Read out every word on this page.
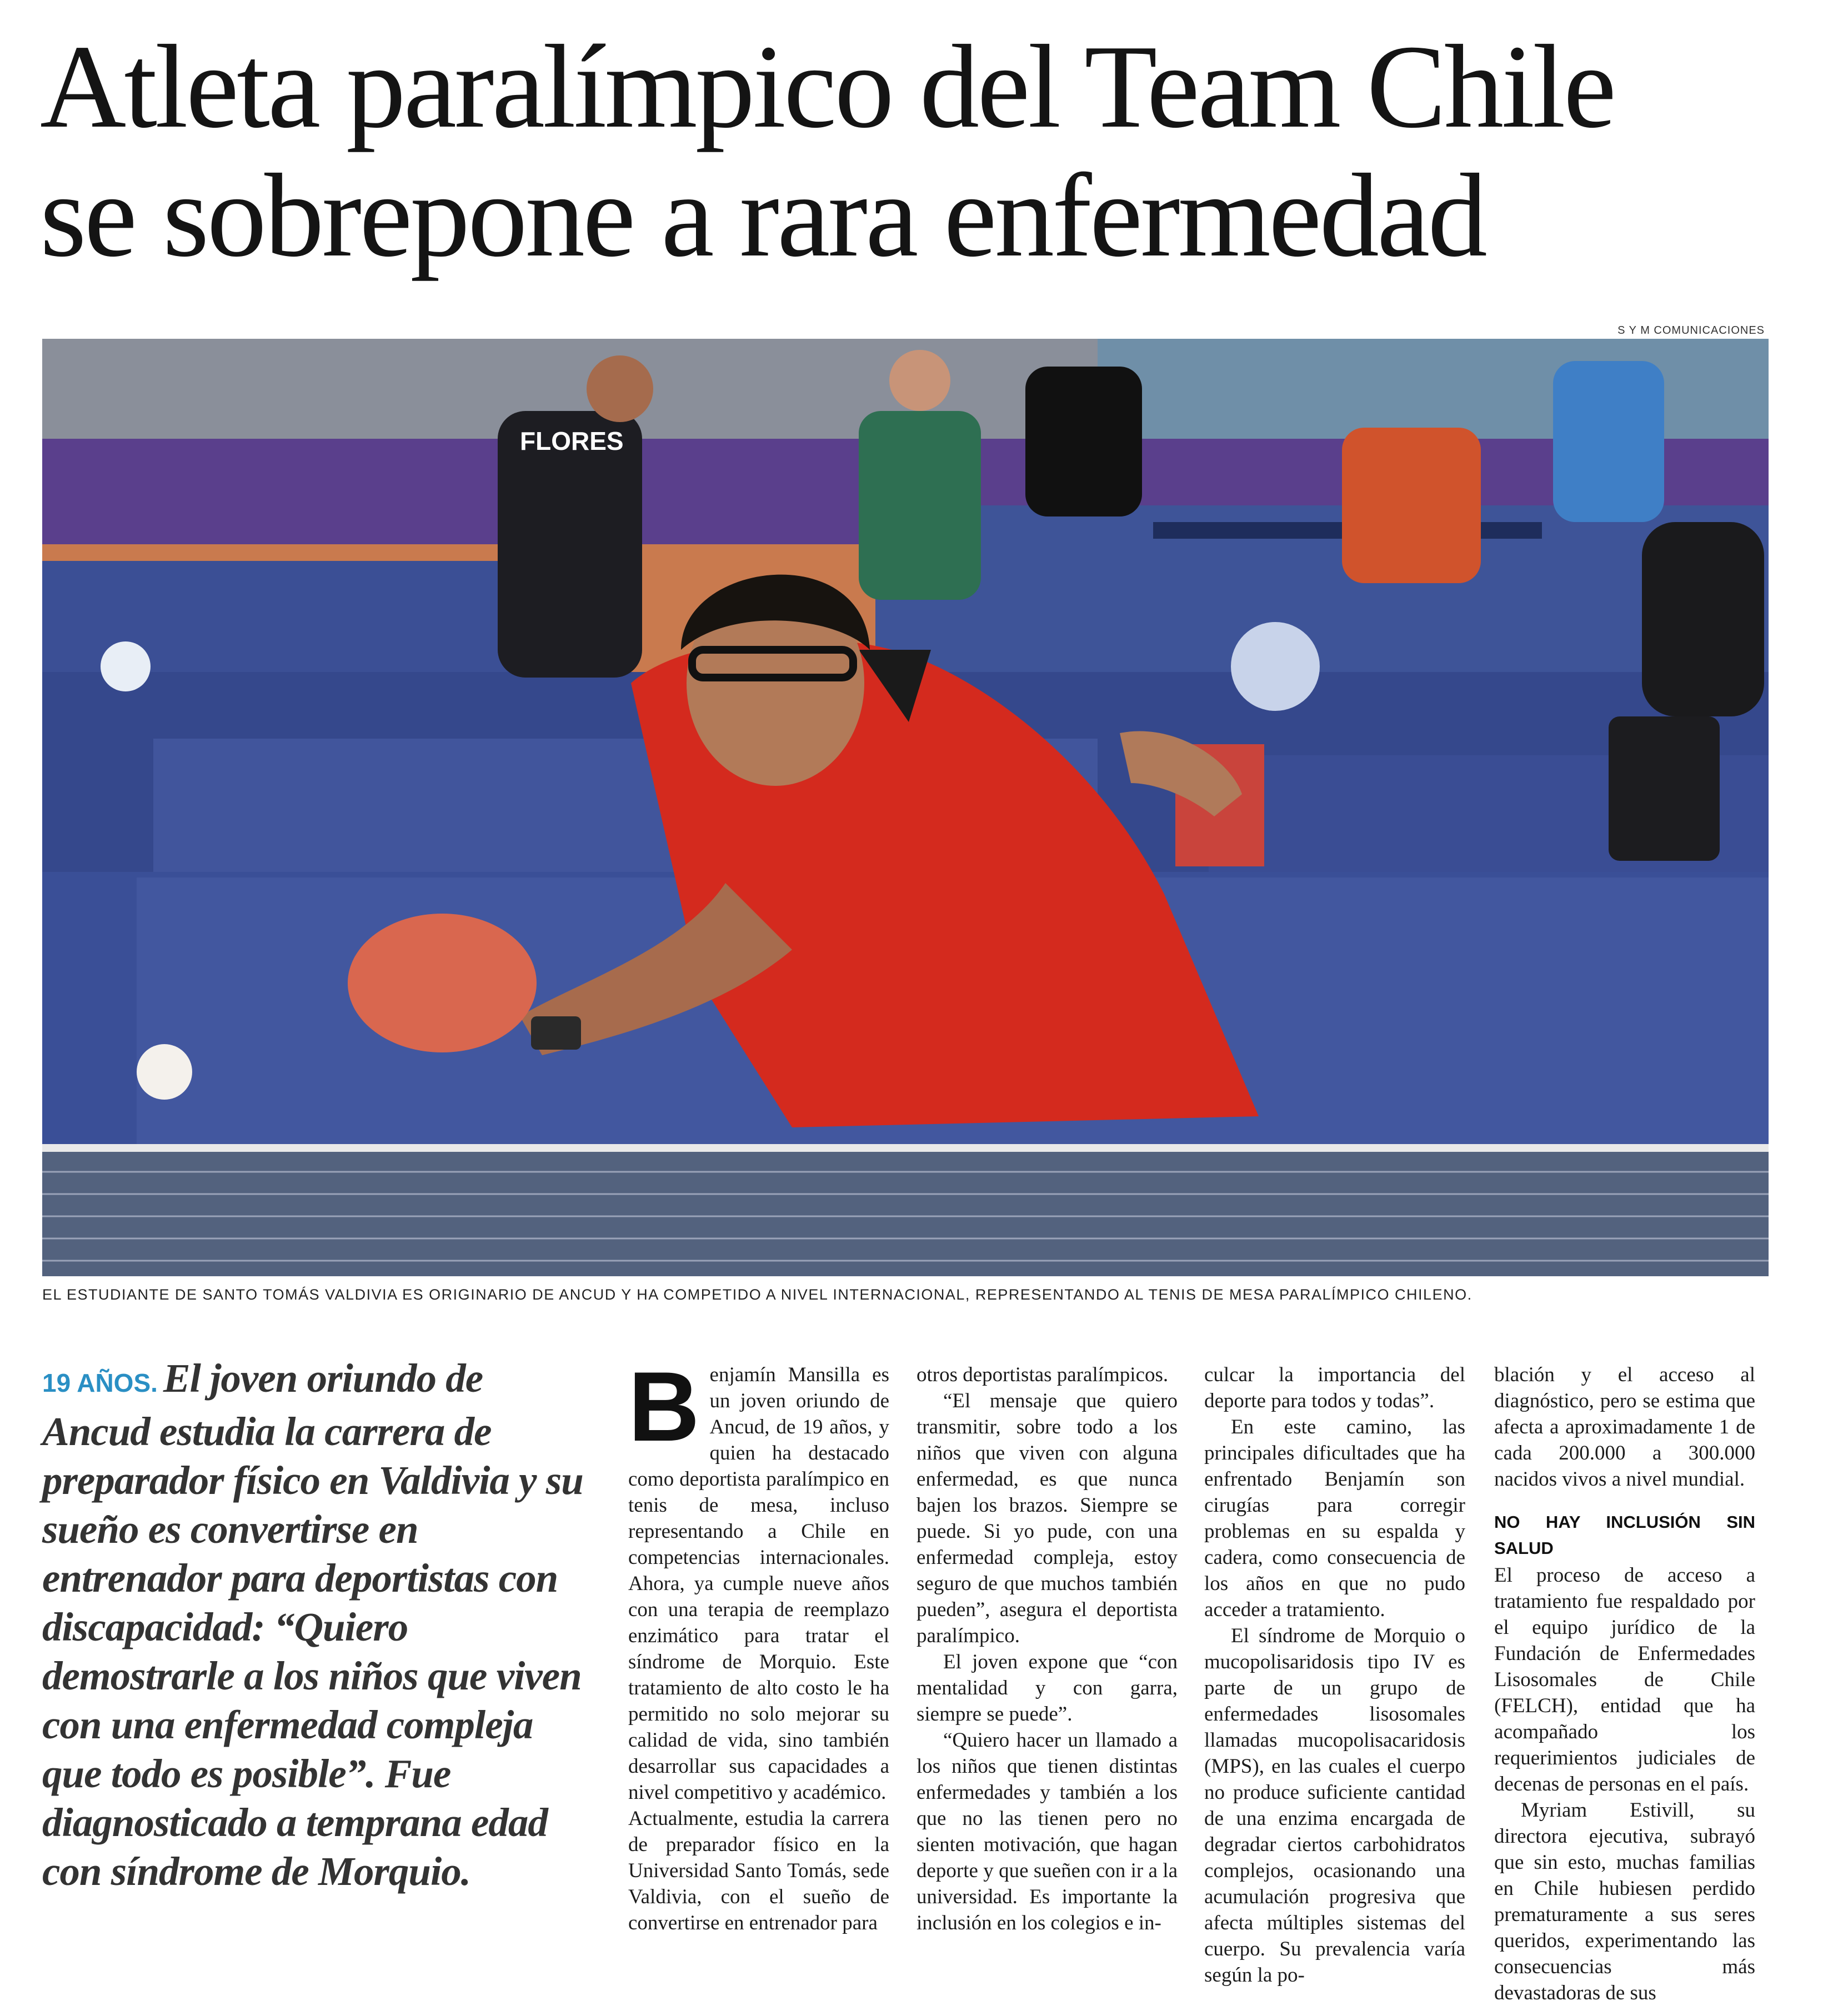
Atleta paralímpico del Team Chile
se sobrepone a rara enfermedad
S Y M COMUNICACIONES
FLORES
EL ESTUDIANTE DE SANTO TOMÁS VALDIVIA ES ORIGINARIO DE ANCUD Y HA COMPETIDO A NIVEL INTERNACIONAL, REPRESENTANDO AL TENIS DE MESA PARALÍMPICO CHILENO.
19 AÑOS. El joven oriundo de Ancud estudia la carrera de preparador físico en Valdivia y su sueño es convertirse en entrenador para deportistas con discapacidad: “Quiero demostrarle a los niños que viven con una enfermedad compleja que todo es posible”. Fue diagnosticado a temprana edad con síndrome de Morquio.

Benjamín Mansilla es un joven oriundo de Ancud, de 19 años, y quien ha destacado como deportista paralímpico en tenis de mesa, incluso representando a Chile en competencias internacionales. Ahora, ya cumple nueve años con una terapia de reemplazo enzimático para tratar el síndrome de Morquio. Este tratamiento de alto costo le ha permitido no solo mejorar su calidad de vida, sino también desarrollar sus capacidades a nivel competitivo y académico.

Actualmente, estudia la carrera de preparador físico en la Universidad Santo Tomás, sede Valdivia, con el sueño de convertirse en entrenador para

otros deportistas paralímpicos.

“El mensaje que quiero transmitir, sobre todo a los niños que viven con alguna enfermedad, es que nunca bajen los brazos. Siempre se puede. Si yo pude, con una enfermedad compleja, estoy seguro de que muchos también pueden”, asegura el deportista paralímpico.

El joven expone que “con mentalidad y con garra, siempre se puede”.

“Quiero hacer un llamado a los niños que tienen distintas enfermedades y también a los que no las tienen pero no sienten motivación, que hagan deporte y que sueñen con ir a la universidad. Es importante la inclusión en los colegios e in-

culcar la importancia del deporte para todos y todas”.

En este camino, las principales dificultades que ha enfrentado Benjamín son cirugías para corregir problemas en su espalda y cadera, como consecuencia de los años en que no pudo acceder a tratamiento.

El síndrome de Morquio o mucopolisaridosis tipo IV es parte de un grupo de enfermedades lisosomales llamadas mucopolisacaridosis (MPS), en las cuales el cuerpo no produce suficiente cantidad de una enzima encargada de degradar ciertos carbohidratos complejos, ocasionando una acumulación progresiva que afecta múltiples sistemas del cuerpo. Su prevalencia varía según la po-

blación y el acceso al diagnóstico, pero se estima que afecta a aproximadamente 1 de cada 200.000 a 300.000 nacidos vivos a nivel mundial.

NO HAY INCLUSIÓN SIN SALUD

El proceso de acceso a tratamiento fue respaldado por el equipo jurídico de la Fundación de Enfermedades Lisosomales de Chile (FELCH), entidad que ha acompañado los requerimientos judiciales de decenas de personas en el país.

Myriam Estivill, su directora ejecutiva, subrayó que sin esto, muchas familias en Chile hubiesen perdido prematuramente a sus seres queridos, experimentando las consecuencias más devastadoras de sus
